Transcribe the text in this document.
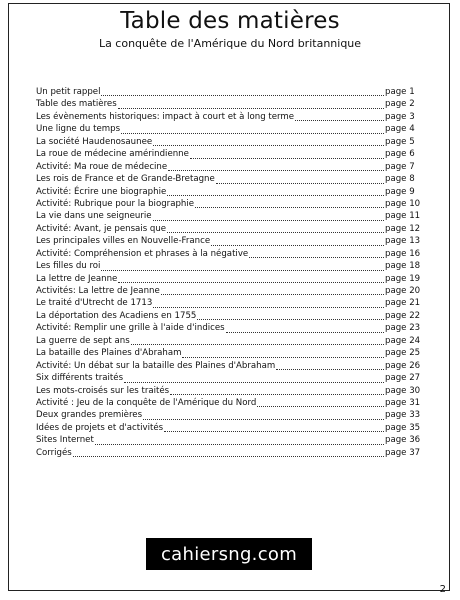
Table des matières
La conquête de l'Amérique du Nord britannique
Un petit rappel	page 1
Table des matières	page 2
Les évènements historiques: impact à court et à long terme	page 3
Une ligne du temps	page 4
La société Haudenosaunee	page 5
La roue de médecine amérindienne	page 6
Activité: Ma roue de médecine	page 7
Les rois de France et de Grande-Bretagne	page 8
Activité: Écrire une biographie	page 9
Activité: Rubrique pour la biographie	page 10
La vie dans une seigneurie	page 11
Activité: Avant, je pensais que	page 12
Les principales villes en Nouvelle-France	page 13
Activité: Compréhension et phrases à la négative	page 16
Les filles du roi	page 18
La lettre de Jeanne	page 19
Activités: La lettre de Jeanne	page 20
Le traité d'Utrecht de 1713	page 21
La déportation des Acadiens en 1755	page 22
Activité: Remplir une grille à l'aide d'indices	page 23
La guerre de sept ans	page 24
La bataille des Plaines d'Abraham	page 25
Activité: Un débat sur la bataille des Plaines d'Abraham	page 26
Six différents traités	page 27
Les mots-croisés sur les traités	page 30
Activité : Jeu de la conquête de l'Amérique du Nord	page 31
Deux grandes premières	page 33
Idées de projets et d'activités	page 35
Sites Internet	page 36
Corrigés	page 37
cahiersng.com
2
